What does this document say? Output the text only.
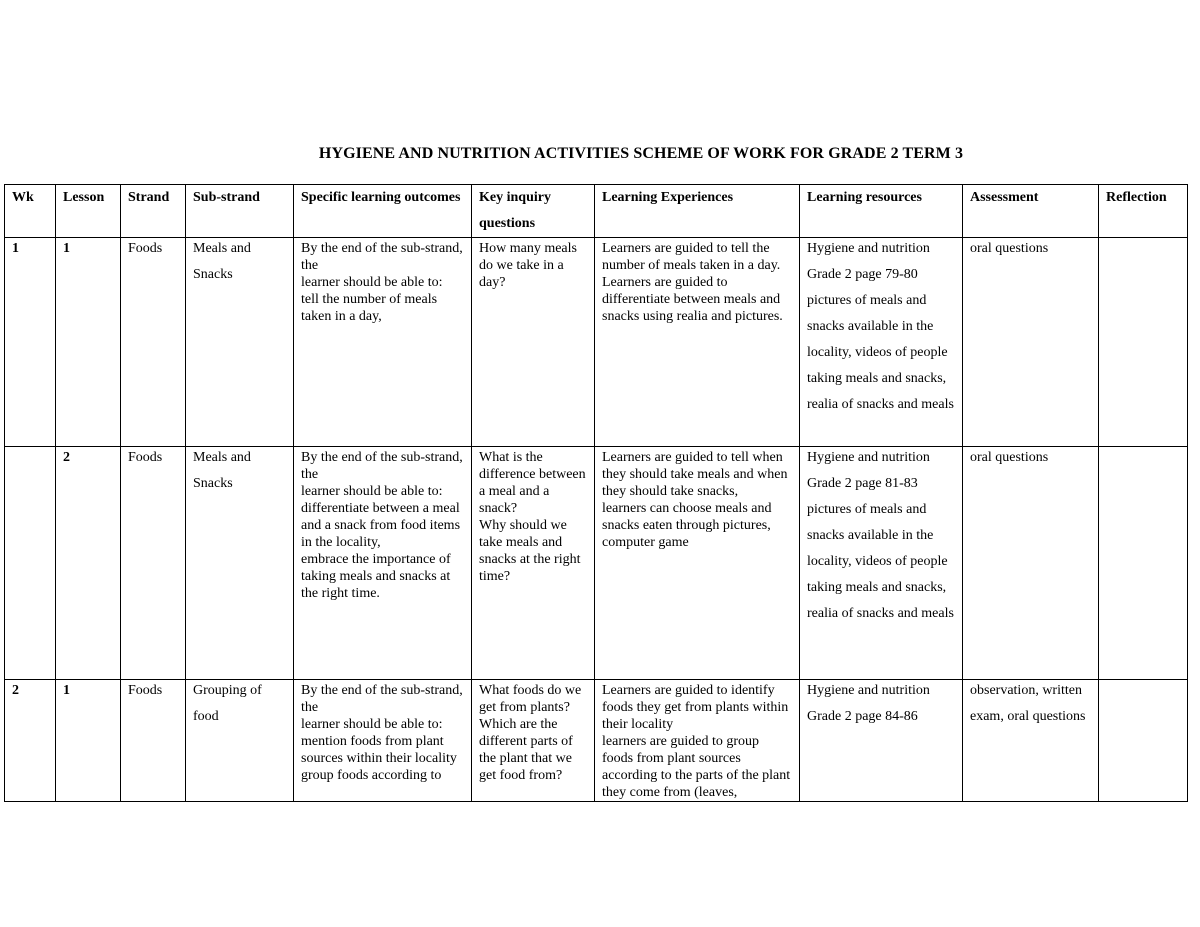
HYGIENE AND NUTRITION ACTIVITIES SCHEME OF WORK FOR GRADE 2 TERM 3
Wk	Lesson	Strand	Sub-strand	Specific learning outcomes	Key inquiry questions	Learning Experiences	Learning resources	Assessment	Reflection

1	1	Foods	Meals and Snacks	By the end of the sub-strand, the
learner should be able to:
tell the number of meals taken in a day,	How many meals do we take in a day?	Learners are guided to tell the number of meals taken in a day.
Learners are guided to differentiate between meals and snacks using realia and pictures.	Hygiene and nutrition Grade 2 page 79-80
pictures of meals and snacks available in the locality, videos of people taking meals and snacks, realia of snacks and meals	oral questions	

	2	Foods	Meals and Snacks	By the end of the sub-strand, the
learner should be able to:
differentiate between a meal and a snack from food items in the locality,
embrace the importance of taking meals and snacks at the right time.	What is the difference between a meal and a snack?
Why should we take meals and snacks at the right time?	Learners are guided to tell when they should take meals and when they should take snacks,
learners can choose meals and snacks eaten through pictures, computer game	Hygiene and nutrition Grade 2 page 81-83
pictures of meals and snacks available in the locality, videos of people taking meals and snacks, realia of snacks and meals	oral questions	

2	1	Foods	Grouping of food	By the end of the sub-strand, the
learner should be able to:
mention foods from plant sources within their locality
group foods according to	What foods do we get from plants?
Which are the different parts of the plant that we get food from?	Learners are guided to identify foods they get from plants within their locality
learners are guided to group foods from plant sources according to the parts of the plant they come from (leaves,	Hygiene and nutrition Grade 2 page 84-86	observation, written exam, oral questions	
